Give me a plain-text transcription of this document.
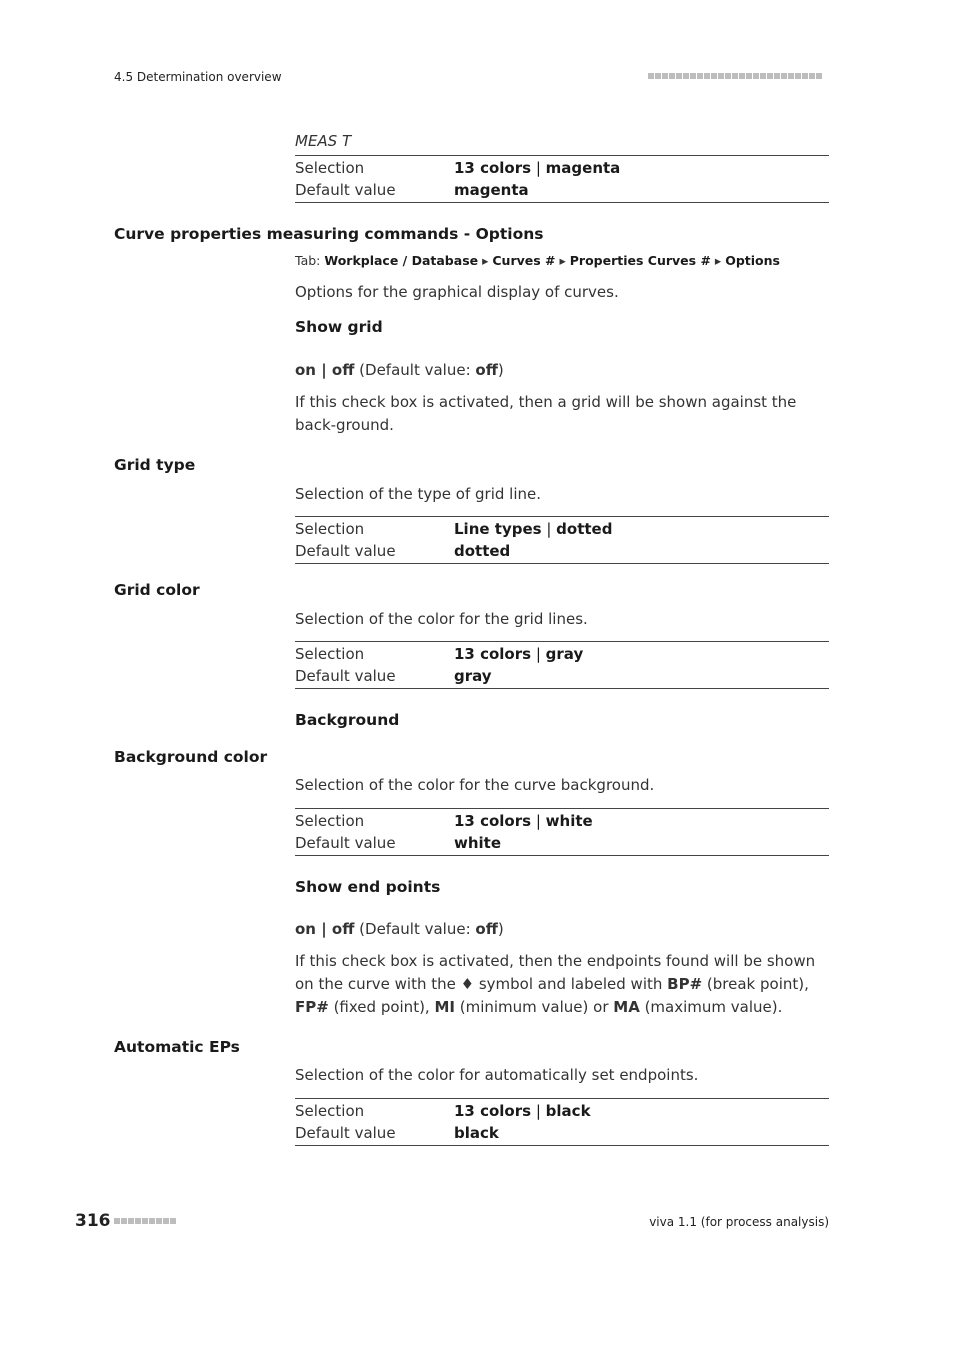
4.5 Determination overview
MEAS T
Selection	13 colors | magenta
Default value	magenta
Curve properties measuring commands - Options
Tab: Workplace / Database ▸ Curves # ▸ Properties Curves # ▸ Options
Options for the graphical display of curves.
Show grid
on | off (Default value: off)
If this check box is activated, then a grid will be shown against the back-ground.
Grid type
Selection of the type of grid line.
Selection	Line types | dotted
Default value	dotted
Grid color
Selection of the color for the grid lines.
Selection	13 colors | gray
Default value	gray
Background
Background color
Selection of the color for the curve background.
Selection	13 colors | white
Default value	white
Show end points
on | off (Default value: off)
If this check box is activated, then the endpoints found will be shown on the curve with the ♦ symbol and labeled with BP# (break point), FP# (fixed point), MI (minimum value) or MA (maximum value).
Automatic EPs
Selection of the color for automatically set endpoints.
Selection	13 colors | black
Default value	black
316	viva 1.1 (for process analysis)
